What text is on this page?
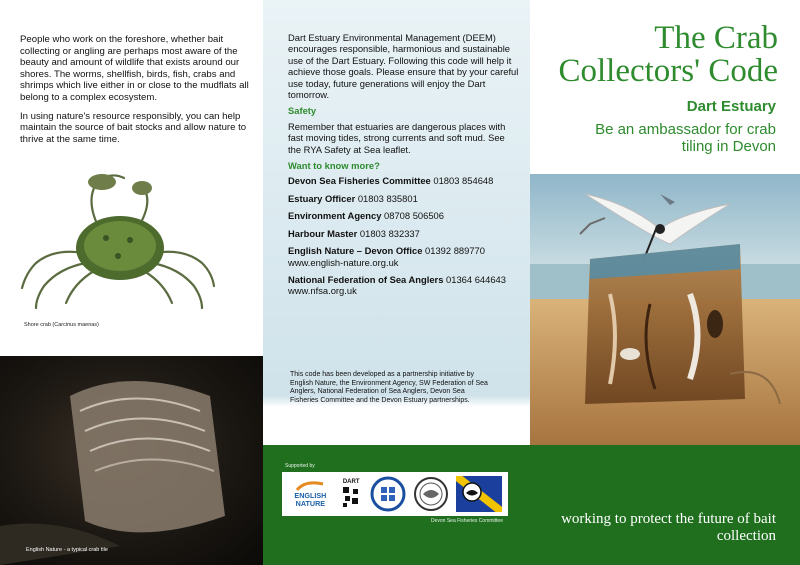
People who work on the foreshore, whether bait collecting or angling are perhaps most aware of the beauty and amount of wildlife that exists around our shores. The worms, shellfish, birds, fish, crabs and shrimps which live either in or close to the mudflats all belong to a complex ecosystem.

In using nature's resource responsibly, you can help maintain the source of bait stocks and allow nature to thrive at the same time.

Shore crab (Carcinus maenas)
English Nature - a typical crab tile

Dart Estuary Environmental Management (DEEM) encourages responsible, harmonious and sustainable use of the Dart Estuary. Following this code will help it achieve those goals. Please ensure that by your careful use today, future generations will enjoy the Dart tomorrow.

Safety

Remember that estuaries are dangerous places with fast moving tides, strong currents and soft mud. See the RYA Safety at Sea leaflet.

Want to know more?
Devon Sea Fisheries Committee 01803 854648
Estuary Officer 01803 835801
Environment Agency 08708 506506
Harbour Master 01803 832337
English Nature – Devon Office 01392 889770
www.english-nature.org.uk
National Federation of Sea Anglers 01364 644643
www.nfsa.org.uk
This code has been developed as a partnership initiative by English Nature, the Environment Agency, SW Federation of Sea Anglers, National Federation of Sea Anglers, Devon Sea Fisheries Committee and the Devon Estuary partnerships.
Supported by
ENGLISH
NATURE
DART
Devon Sea Fisheries Committee
The Crab Collectors' Code
Dart Estuary
Be an ambassador for crab tiling in Devon
working to protect the future of bait collection
